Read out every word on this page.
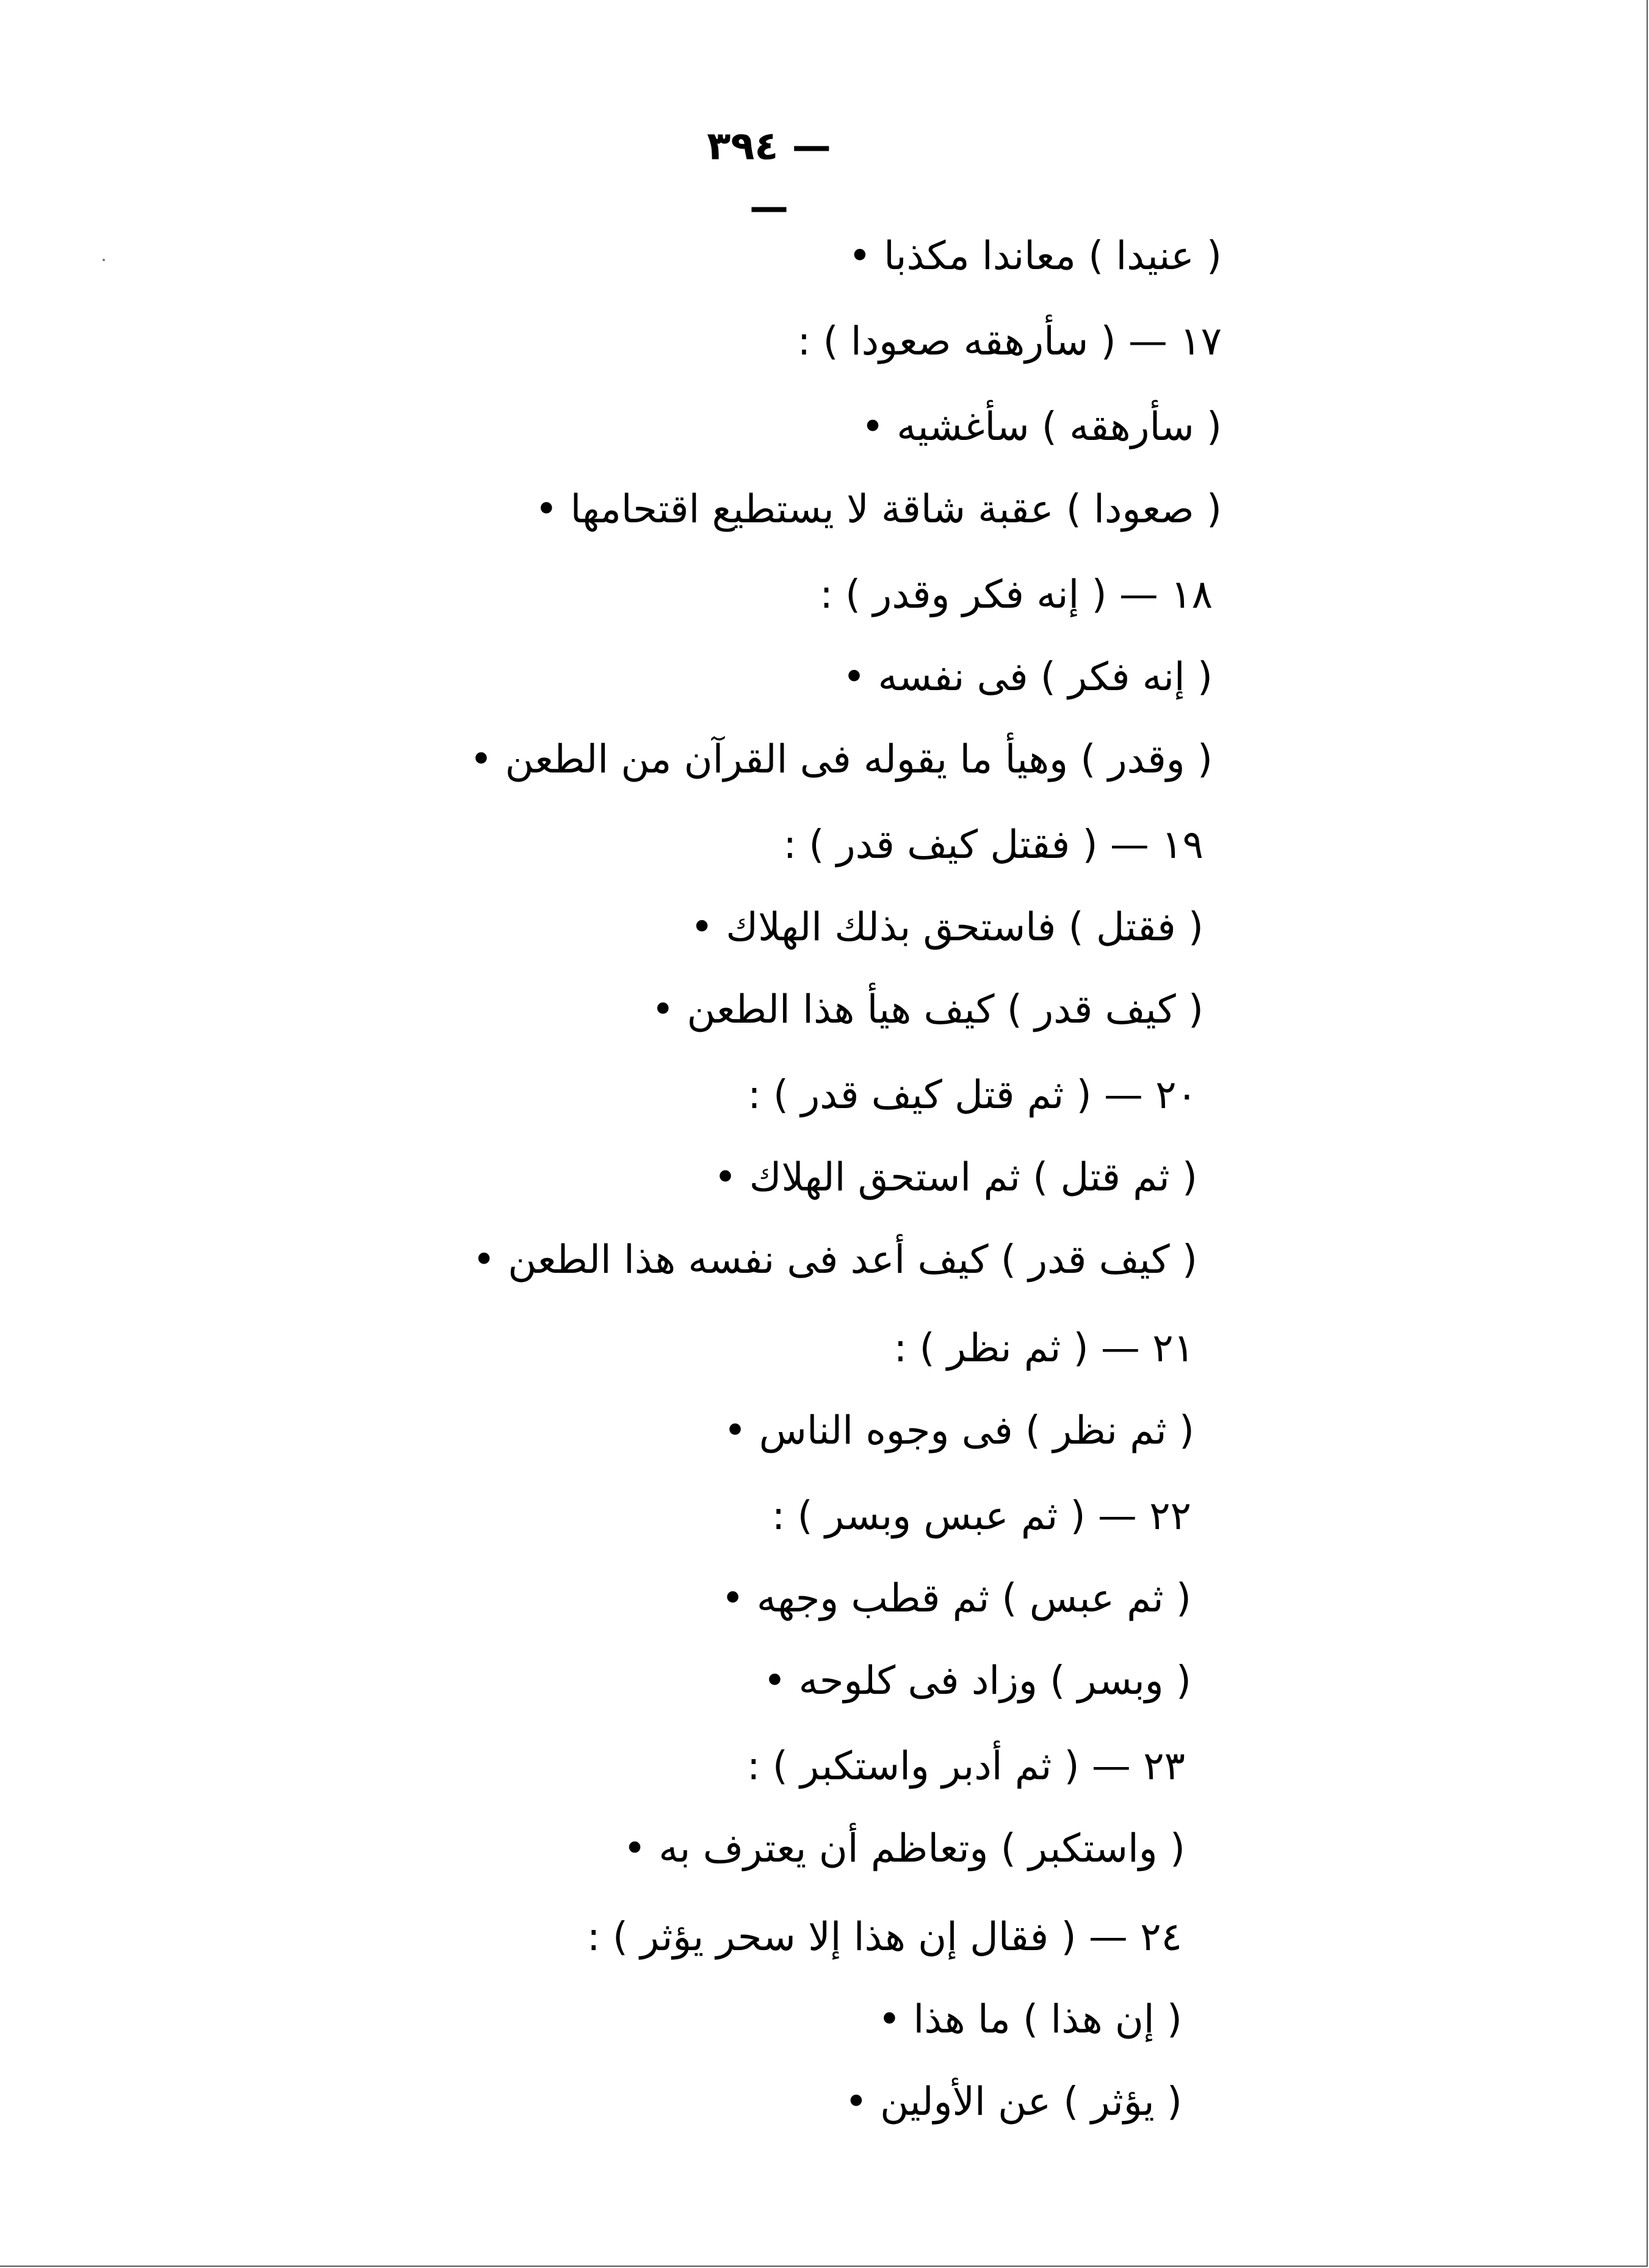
— ٣٩٤ —
( عنيدا ) معاندا مكذبا •
١٧ — ( سأرهقه صعودا ) :
( سأرهقه ) سأغشيه •
( صعودا ) عقبة شاقة لا يستطيع اقتحامها •
١٨ — ( إنه فكر وقدر ) :
( إنه فكر ) فى نفسه •
( وقدر ) وهيأ ما يقوله فى القرآن من الطعن •
١٩ — ( فقتل كيف قدر ) :
( فقتل ) فاستحق بذلك الهلاك •
( كيف قدر ) كيف هيأ هذا الطعن •
٢٠ — ( ثم قتل كيف قدر ) :
( ثم قتل ) ثم استحق الهلاك •
( كيف قدر ) كيف أعد فى نفسه هذا الطعن •
٢١ — ( ثم نظر ) :
( ثم نظر ) فى وجوه الناس •
٢٢ — ( ثم عبس وبسر ) :
( ثم عبس ) ثم قطب وجهه •
( وبسر ) وزاد فى كلوحه •
٢٣ — ( ثم أدبر واستكبر ) :
( واستكبر ) وتعاظم أن يعترف به •
٢٤ — ( فقال إن هذا إلا سحر يؤثر ) :
( إن هذا ) ما هذا •
( يؤثر ) عن الأولين •
